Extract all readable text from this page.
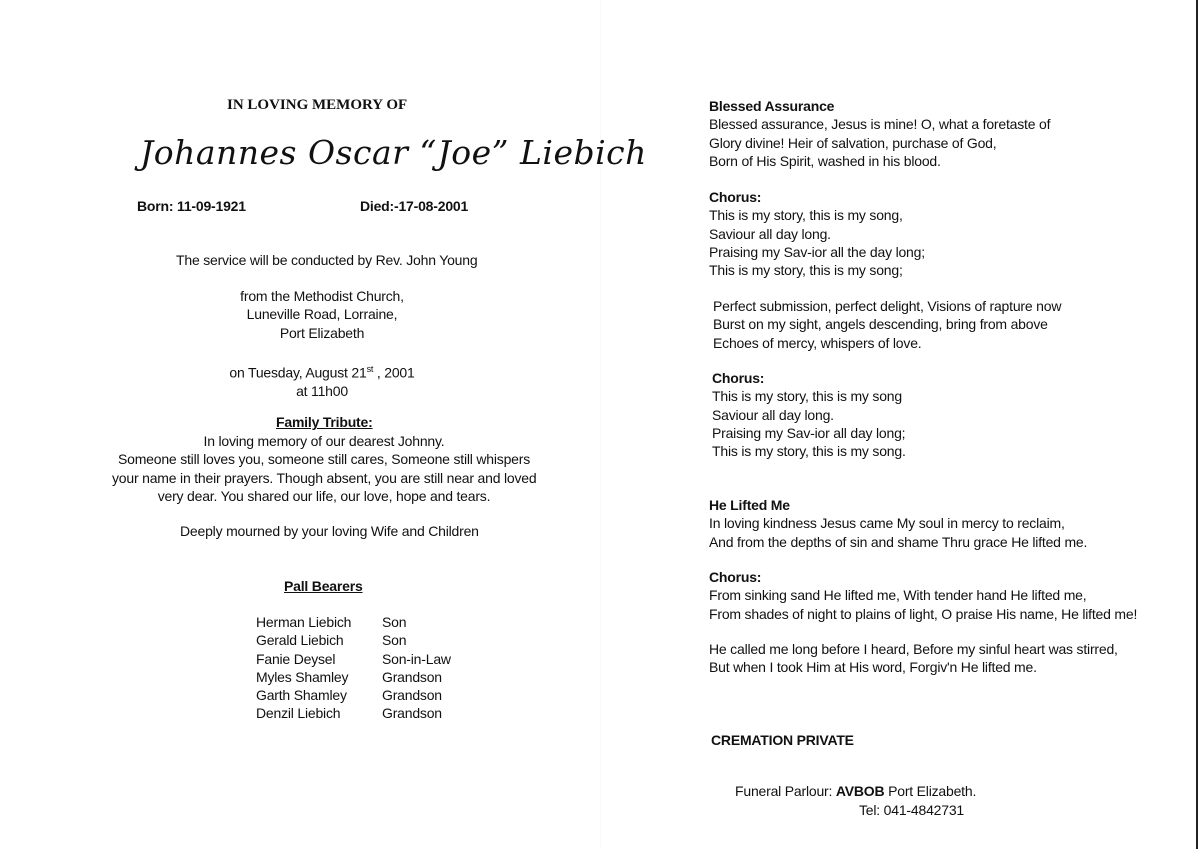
IN LOVING MEMORY OF
Johannes Oscar “Joe” Liebich
Born: 11-09-1921	Died:-17-08-2001
The service will be conducted by Rev. John Young
from the Methodist Church,
Luneville Road, Lorraine,
Port Elizabeth
on Tuesday, August 21st , 2001
at 11h00
Family Tribute:
In loving memory of our dearest Johnny.
Someone still loves you, someone still cares, Someone still whispers
your name in their prayers. Though absent, you are still near and loved
very dear. You shared our life, our love, hope and tears.
Deeply mourned by your loving Wife and Children
Pall Bearers
Herman Liebich
Gerald Liebich
Fanie Deysel
Myles Shamley
Garth Shamley
Denzil Liebich
Son
Son
Son-in-Law
Grandson
Grandson
Grandson
Blessed Assurance
Blessed assurance, Jesus is mine! O, what a foretaste of
Glory divine! Heir of salvation, purchase of God,
Born of His Spirit, washed in his blood.
Chorus:
This is my story, this is my song,
Saviour all day long.
Praising my Sav-ior all the day long;
This is my story, this is my song;
Perfect submission, perfect delight, Visions of rapture now
Burst on my sight, angels descending, bring from above
Echoes of mercy, whispers of love.
Chorus:
This is my story, this is my song
Saviour all day long.
Praising my Sav-ior all day long;
This is my story, this is my song.
He Lifted Me
In loving kindness Jesus came My soul in mercy to reclaim,
And from the depths of sin and shame Thru grace He lifted me.
Chorus:
From sinking sand He lifted me, With tender hand He lifted me,
From shades of night to plains of light, O praise His name, He lifted me!
He called me long before I heard, Before my sinful heart was stirred,
But when I took Him at His word, Forgiv'n He lifted me.
CREMATION PRIVATE
Funeral Parlour: AVBOB Port Elizabeth.
Tel: 041-4842731
